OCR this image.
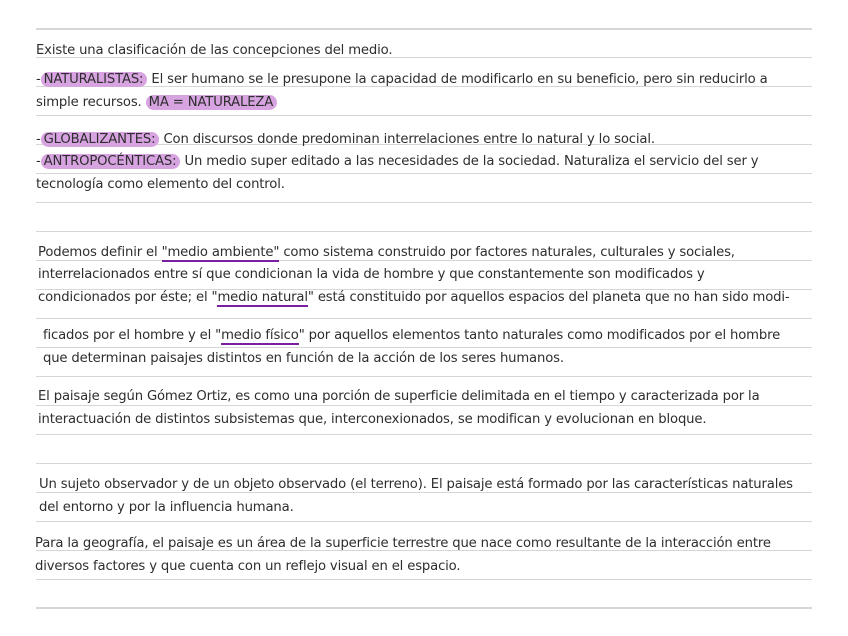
Existe una clasificación de las concepciones del medio.
- NATURALISTAS: El ser humano se le presupone la capacidad de modificarlo en su beneficio, pero sin reducirlo a
simple recursos. MA = NATURALEZA
- GLOBALIZANTES: Con discursos donde predominan interrelaciones entre lo natural y lo social.
- ANTROPOCÉNTICAS: Un medio super editado a las necesidades de la sociedad. Naturaliza el servicio del ser y
tecnología como elemento del control.
Podemos definir el "medio ambiente" como sistema construido por factores naturales, culturales y sociales,
interrelacionados entre sí que condicionan la vida de hombre y que constantemente son modificados y
condicionados por éste; el "medio natural" está constituido por aquellos espacios del planeta que no han sido modi-
ficados por el hombre y el "medio físico" por aquellos elementos tanto naturales como modificados por el hombre
que determinan paisajes distintos en función de la acción de los seres humanos.
El paisaje según Gómez Ortiz, es como una porción de superficie delimitada en el tiempo y caracterizada por la
interactuación de distintos subsistemas que, interconexionados, se modifican y evolucionan en bloque.
Un sujeto observador y de un objeto observado (el terreno). El paisaje está formado por las características naturales
del entorno y por la influencia humana.
Para la geografía, el paisaje es un área de la superficie terrestre que nace como resultante de la interacción entre
diversos factores y que cuenta con un reflejo visual en el espacio.
